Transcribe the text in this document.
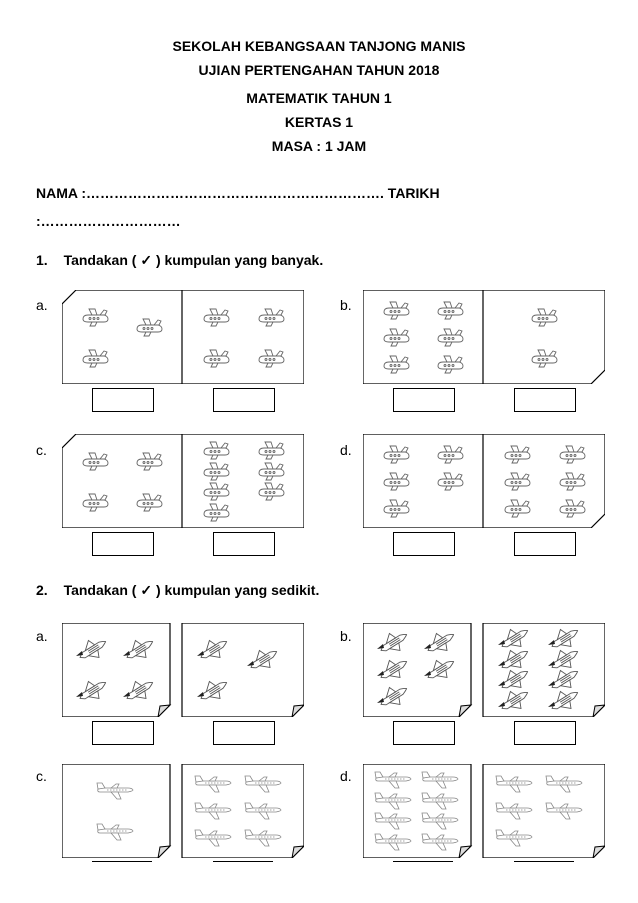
SEKOLAH KEBANGSAAN TANJONG MANIS
UJIAN PERTENGAHAN TAHUN 2018
MATEMATIK TAHUN 1
KERTAS 1
MASA : 1 JAM
NAMA :………………………………………………………. TARIKH
:…………………………
1. Tandakan ( ✓ ) kumpulan yang banyak.
a.	b.
c.	d.
2. Tandakan ( ✓ ) kumpulan yang sedikit.
a.	b.
c.	d.
